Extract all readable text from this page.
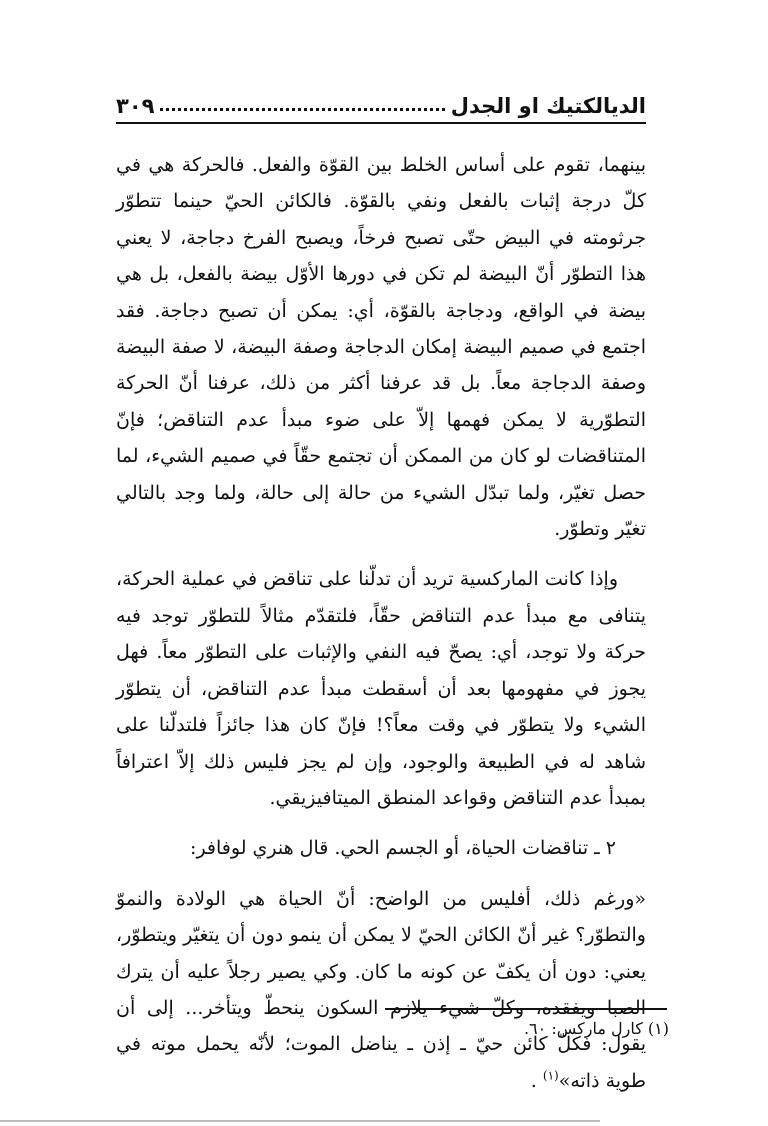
الديالكتيك او الجدل
٣٠٩

بينهما، تقوم على أساس الخلط بين القوّة والفعل. فالحركة هي في كلّ درجة إثبات بالفعل ونفي بالقوّة. فالكائن الحيّ حينما تتطوّر جرثومته في البيض حتّى تصبح فرخاً، ويصبح الفرخ دجاجة، لا يعني هذا التطوّر أنّ البيضة لم تكن في دورها الأوّل بيضة بالفعل، بل هي بيضة في الواقع، ودجاجة بالقوّة، أي: يمكن أن تصبح دجاجة. فقد اجتمع في صميم البيضة إمكان الدجاجة وصفة البيضة، لا صفة البيضة وصفة الدجاجة معاً. بل قد عرفنا أكثر من ذلك، عرفنا أنّ الحركة التطوّرية لا يمكن فهمها إلاّ على ضوء مبدأ عدم التناقض؛ فإنّ المتناقضات لو كان من الممكن أن تجتمع حقّاً في صميم الشيء، لما حصل تغيّر، ولما تبدّل الشيء من حالة إلى حالة، ولما وجد بالتالي تغيّر وتطوّر.

وإذا كانت الماركسية تريد أن تدلّنا على تناقض في عملية الحركة، يتنافى مع مبدأ عدم التناقض حقّاً، فلتقدّم مثالاً للتطوّر توجد فيه حركة ولا توجد، أي: يصحّ فيه النفي والإثبات على التطوّر معاً. فهل يجوز في مفهومها بعد أن أسقطت مبدأ عدم التناقض، أن يتطوّر الشيء ولا يتطوّر في وقت معاً؟! فإنّ كان هذا جائزاً فلتدلّنا على شاهد له في الطبيعة والوجود، وإن لم يجز فليس ذلك إلاّ اعترافاً بمبدأ عدم التناقض وقواعد المنطق الميتافيزيقي.

٢ ـ تناقضات الحياة، أو الجسم الحي. قال هنري لوفافر:

«ورغم ذلك، أفليس من الواضح: أنّ الحياة هي الولادة والنموّ والتطوّر؟ غير أنّ الكائن الحيّ لا يمكن أن ينمو دون أن يتغيّر ويتطوّر، يعني: دون أن يكفّ عن كونه ما كان. وكي يصير رجلاً عليه أن يترك الصبا ويفقده، وكلّ شيء يلازم السكون ينحطّ ويتأخر... إلى أن يقول: فكلّ كائن حيّ ـ إذن ـ يناضل الموت؛ لأنّه يحمل موته في طوية ذاته»$^{(١)}$ .

(١) كارل ماركس: ٦٠.
